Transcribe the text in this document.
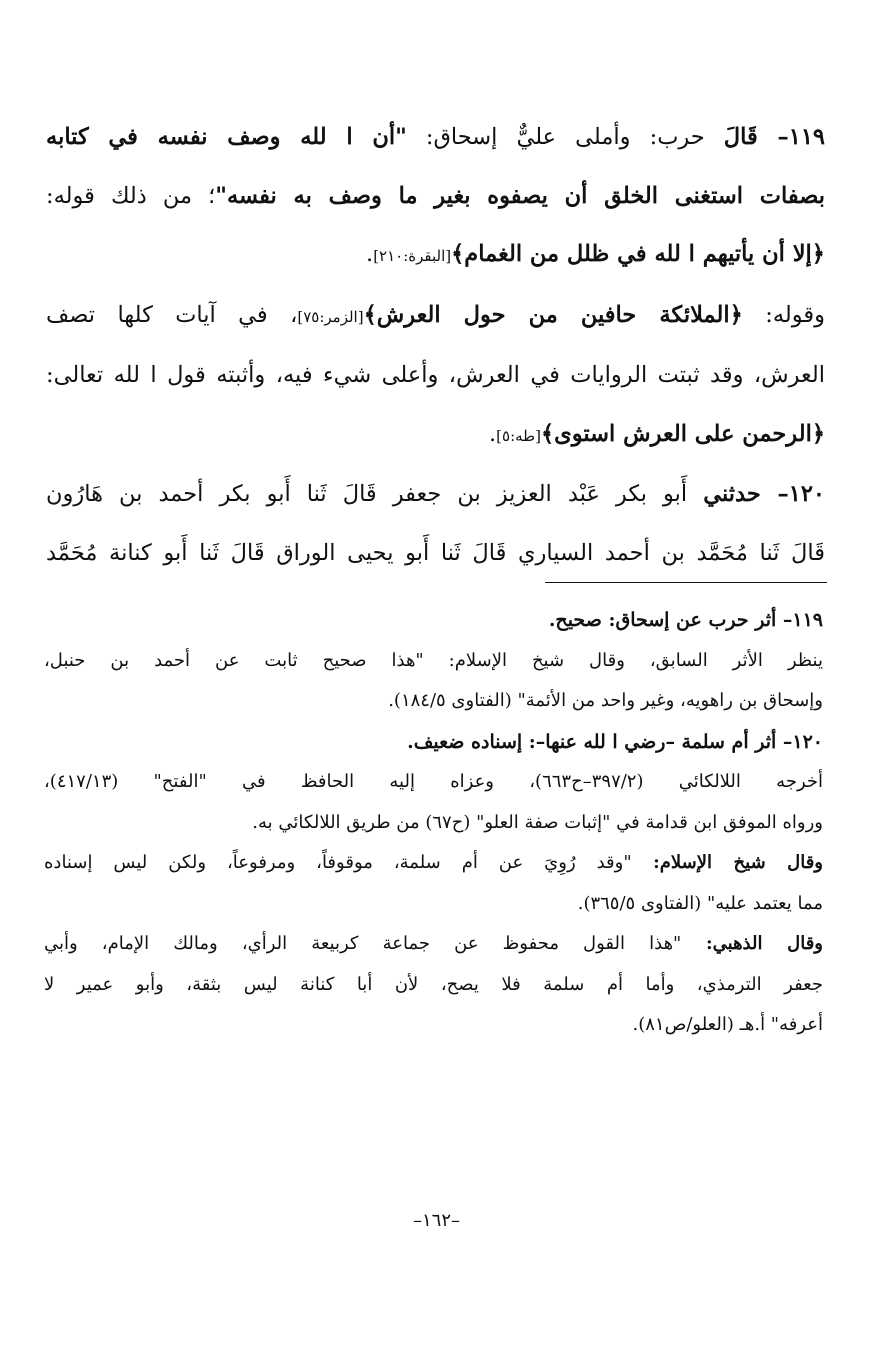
١١٩– قَالَ حرب: وأملى عليٌّ إسحاق: "أن ا لله وصف نفسه في كتابه

بصفات استغنى الخلق أن يصفوه بغير ما وصف به نفسه"؛ من ذلك قوله:

﴿إلا أن يأتيهم ا لله في ظلل من الغمام﴾[البقرة:٢١٠].

وقوله: ﴿الملائكة حافين من حول العرش﴾[الزمر:٧٥]، في آيات كلها تصف

العرش، وقد ثبتت الروايات في العرش، وأعلى شيء فيه، وأثبته قول ا لله تعالى:

﴿الرحمن على العرش استوى﴾[طه:٥].

١٢٠– حدثني أَبو بكر عَبْد العزيز بن جعفر قَالَ ثَنا أَبو بكر أحمد بن هَارُون

قَالَ ثَنا مُحَمَّد بن أحمد السياري قَالَ ثَنا أَبو يحيى الوراق قَالَ ثَنا أَبو كنانة مُحَمَّد

١١٩– أثر حرب عن إسحاق: صحيح.

ينظر الأثر السابق، وقال شيخ الإسلام: "هذا صحيح ثابت عن أحمد بن حنبل،

وإسحاق بن راهويه، وغير واحد من الأئمة" (الفتاوى ١٨٤/٥).

١٢٠– أثر أم سلمة –رضي ا لله عنها–: إسناده ضعيف.

أخرجه اللالكائي (٣٩٧/٢–ح٦٦٣)، وعزاه إليه الحافظ في "الفتح" (٤١٧/١٣)،

ورواه الموفق ابن قدامة في "إثبات صفة العلو" (ح٦٧) من طريق اللالكائي به.

وقال شيخ الإسلام: "وقد رُوِيَ عن أم سلمة، موقوفاً، ومرفوعاً، ولكن ليس إسناده

مما يعتمد عليه" (الفتاوى ٣٦٥/٥).

وقال الذهبي: "هذا القول محفوظ عن جماعة كربيعة الرأي، ومالك الإمام، وأبي

جعفر الترمذي، وأما أم سلمة فلا يصح، لأن أبا كنانة ليس بثقة، وأبو عمير لا

أعرفه" أ.هـ (العلو/ص٨١).

–١٦٢–
